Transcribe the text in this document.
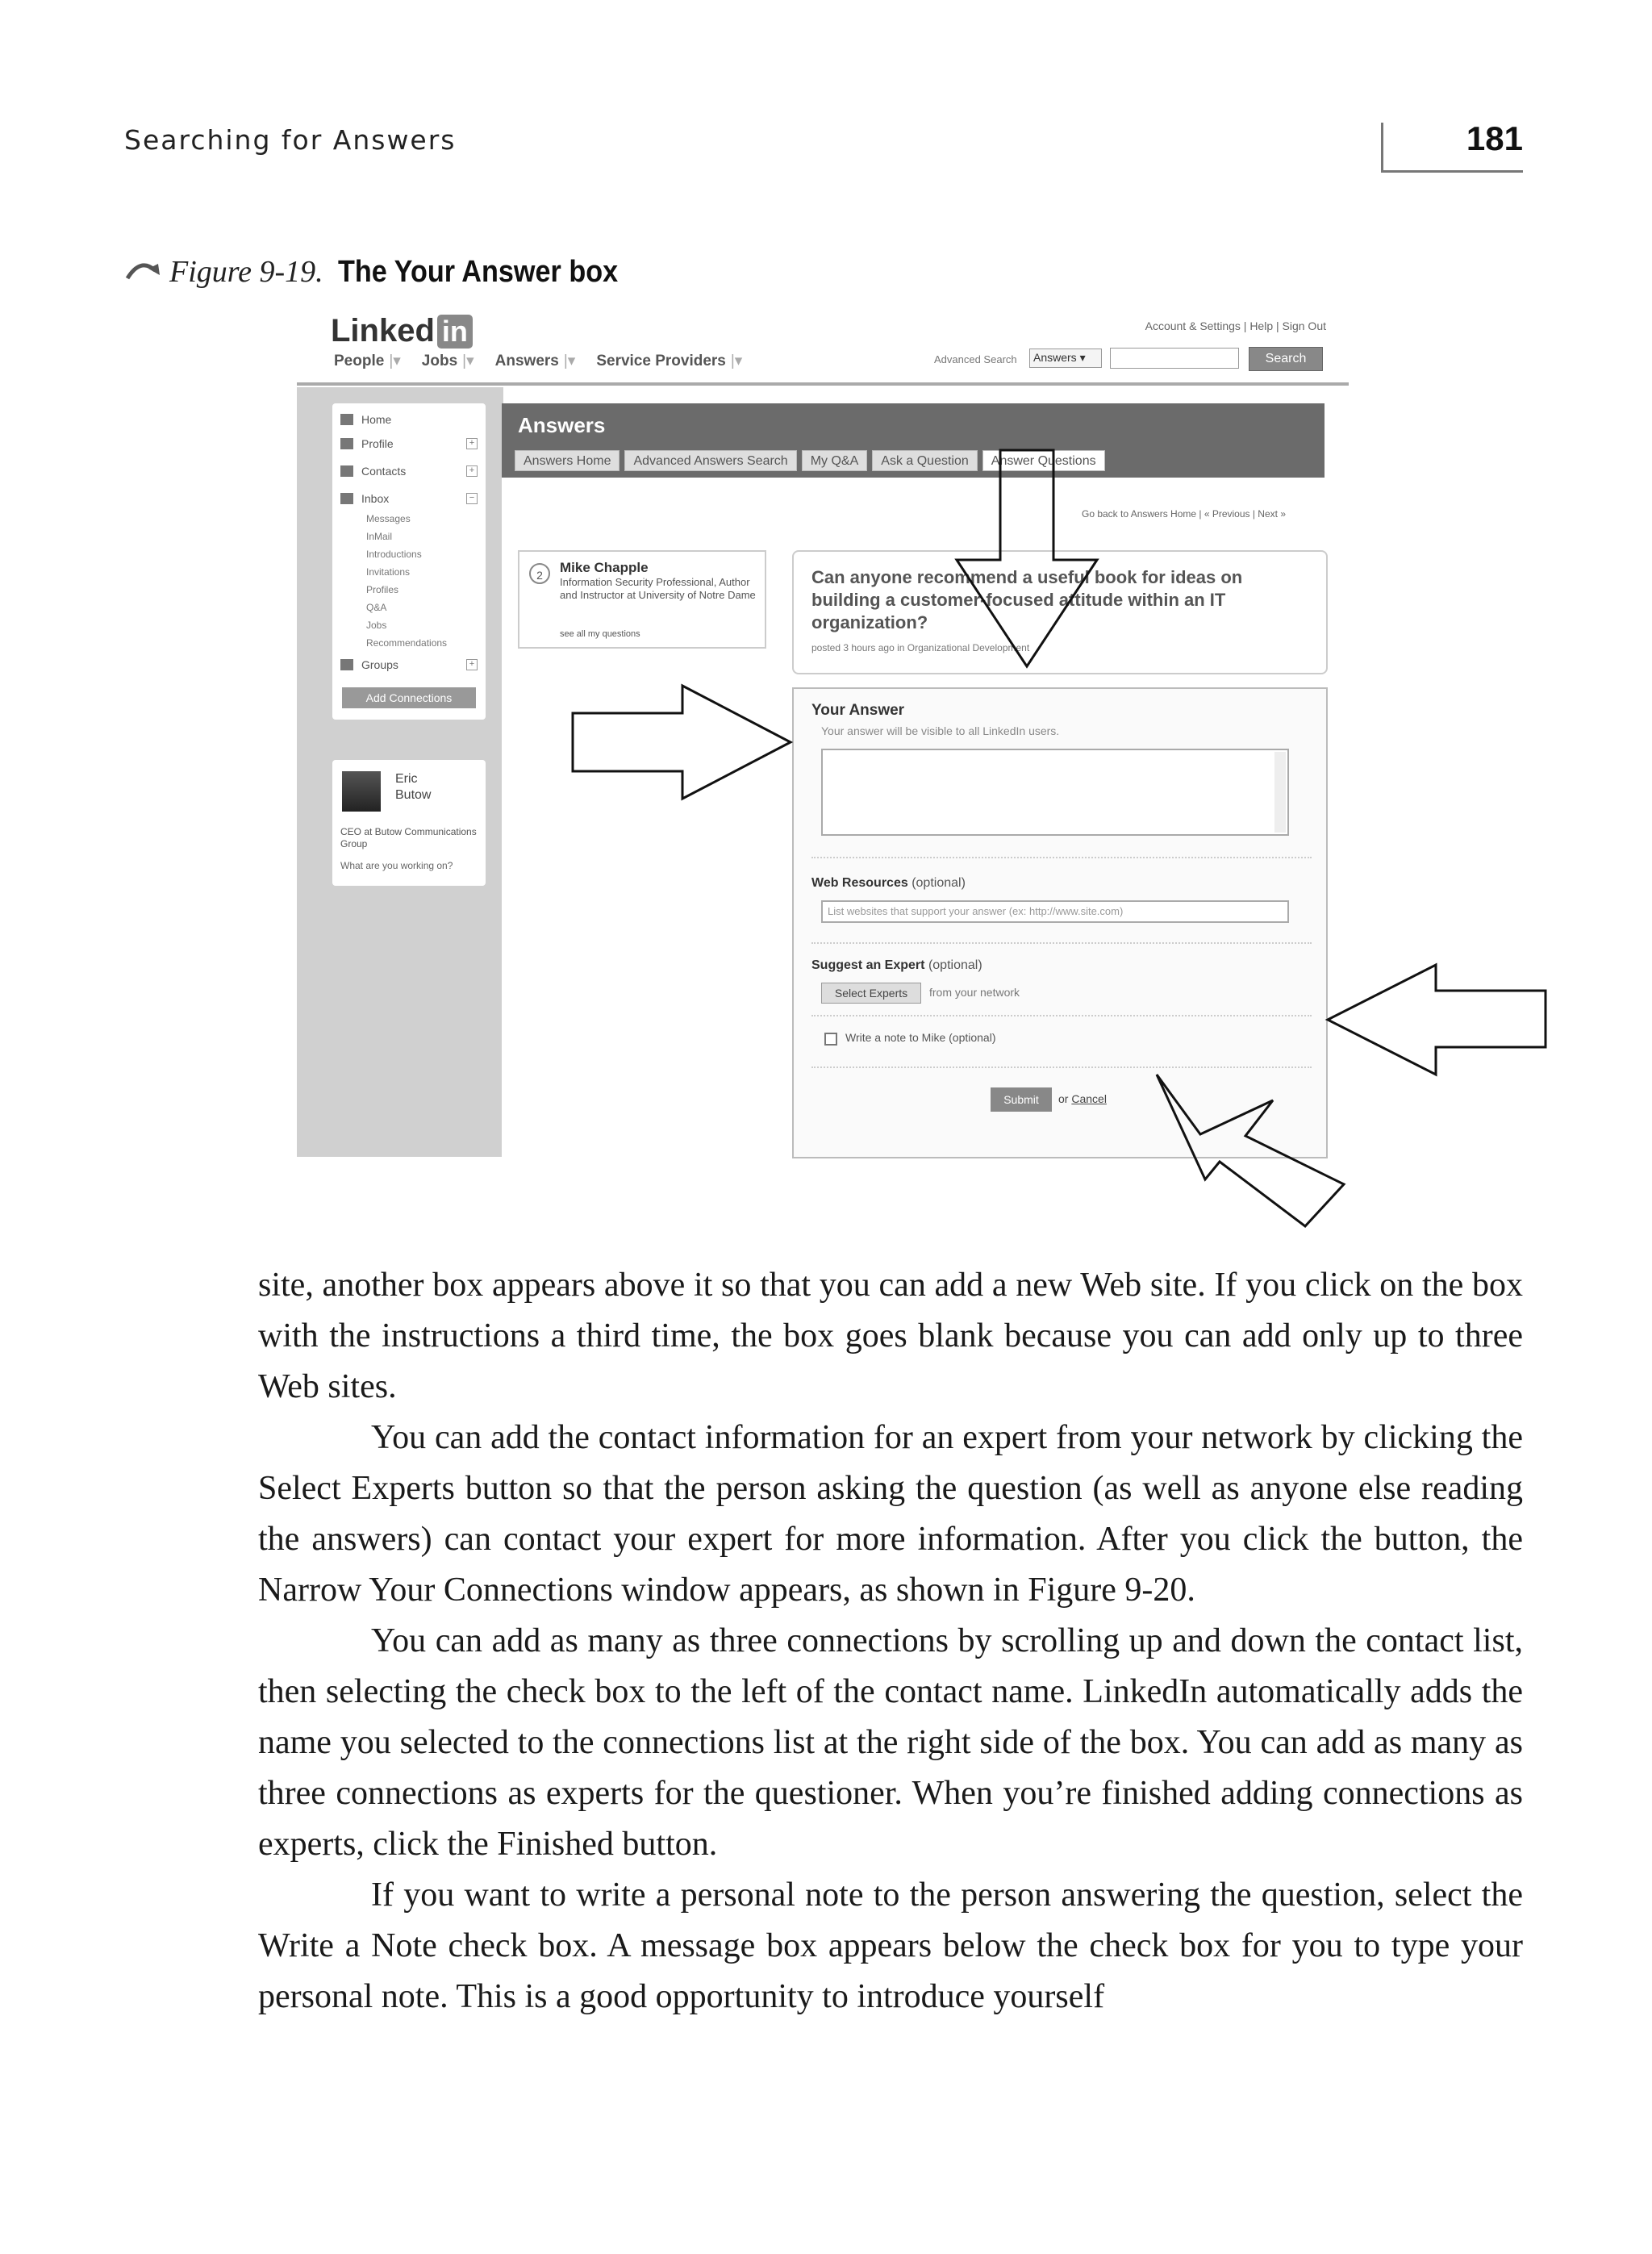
Searching for Answers	181
Figure 9-19. The Your Answer box
Linked in	Account & Settings | Help | Sign Out
People |▾ Jobs |▾ Answers |▾ Service Providers |▾	Advanced Search	Answers ▾	Search
Home
Profile	+
Contacts	+
Inbox	−
Messages
InMail
Introductions
Invitations
Profiles
Q&A
Jobs
Recommendations
Groups	+
Add Connections
Eric
Butow
CEO at Butow Communications Group
What are you working on?
Answers
Answers Home	Advanced Answers Search	My Q&A	Ask a Question	Answer Questions
Go back to Answers Home | « Previous | Next »
2	Mike Chapple
Information Security Professional, Author and Instructor at University of Notre Dame
see all my questions
Can anyone recommend a useful book for ideas on building a customer-focused attitude within an IT organization?
posted 3 hours ago in Organizational Development
Your Answer
Your answer will be visible to all LinkedIn users.
Web Resources (optional)
List websites that support your answer (ex: http://www.site.com)
Suggest an Expert (optional)
Select Experts	from your network
Write a note to Mike (optional)
Submit	or Cancel

site, another box appears above it so that you can add a new Web site. If you click on the box with the instructions a third time, the box goes blank because you can add only up to three Web sites.

You can add the contact information for an expert from your network by clicking the Select Experts button so that the person asking the question (as well as anyone else reading the answers) can contact your expert for more information. After you click the button, the Narrow Your Connections window appears, as shown in Figure 9-20.

You can add as many as three connections by scrolling up and down the contact list, then selecting the check box to the left of the contact name. LinkedIn automatically adds the name you selected to the connections list at the right side of the box. You can add as many as three connections as experts for the questioner. When you’re finished adding connections as experts, click the Finished button.

If you want to write a personal note to the person answering the question, select the Write a Note check box. A message box appears below the check box for you to type your personal note. This is a good opportunity to introduce yourself
